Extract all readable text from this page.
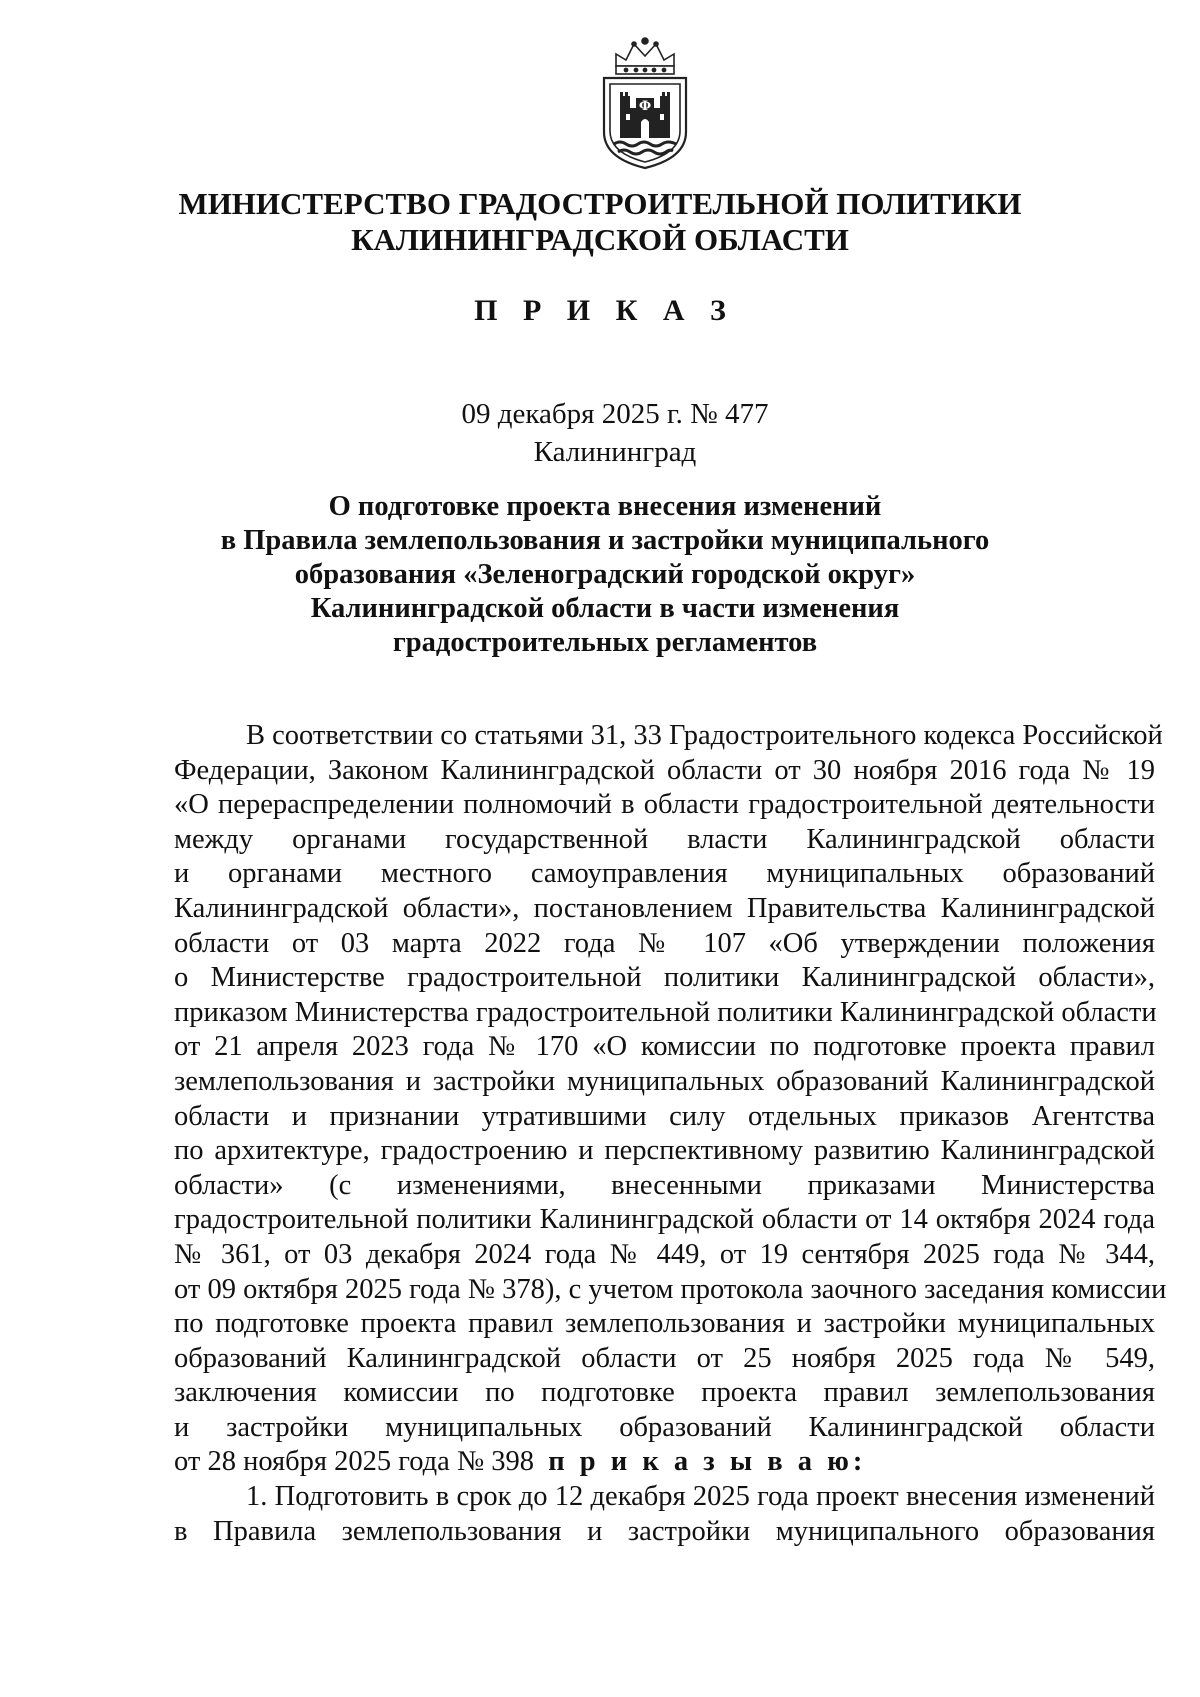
Ф
МИНИСТЕРСТВО ГРАДОСТРОИТЕЛЬНОЙ ПОЛИТИКИ
КАЛИНИНГРАДСКОЙ ОБЛАСТИ
П Р И К А З
09 декабря 2025 г. № 477
Калининград
О подготовке проекта внесения изменений
в Правила землепользования и застройки муниципального
образования «Зеленоградский городской округ»
Калининградской области в части изменения
градостроительных регламентов
В соответствии со статьями 31, 33 Градостроительного кодекса Российской
Федерации, Законом Калининградской области от 30 ноября 2016 года № 19
«О перераспределении полномочий в области градостроительной деятельности
между органами государственной власти Калининградской области
и органами местного самоуправления муниципальных образований
Калининградской области», постановлением Правительства Калининградской
области от 03 марта 2022 года № 107 «Об утверждении положения
о Министерстве градостроительной политики Калининградской области»,
приказом Министерства градостроительной политики Калининградской области
от 21 апреля 2023 года № 170 «О комиссии по подготовке проекта правил
землепользования и застройки муниципальных образований Калининградской
области и признании утратившими силу отдельных приказов Агентства
по архитектуре, градостроению и перспективному развитию Калининградской
области» (с изменениями, внесенными приказами Министерства
градостроительной политики Калининградской области от 14 октября 2024 года
№ 361, от 03 декабря 2024 года № 449, от 19 сентября 2025 года № 344,
от 09 октября 2025 года № 378), с учетом протокола заочного заседания комиссии
по подготовке проекта правил землепользования и застройки муниципальных
образований Калининградской области от 25 ноября 2025 года № 549,
заключения комиссии по подготовке проекта правил землепользования
и застройки муниципальных образований Калининградской области
от 28 ноября 2025 года № 398 п р и к а з ы в а ю:
1. Подготовить в срок до 12 декабря 2025 года проект внесения изменений
в Правила землепользования и застройки муниципального образования
